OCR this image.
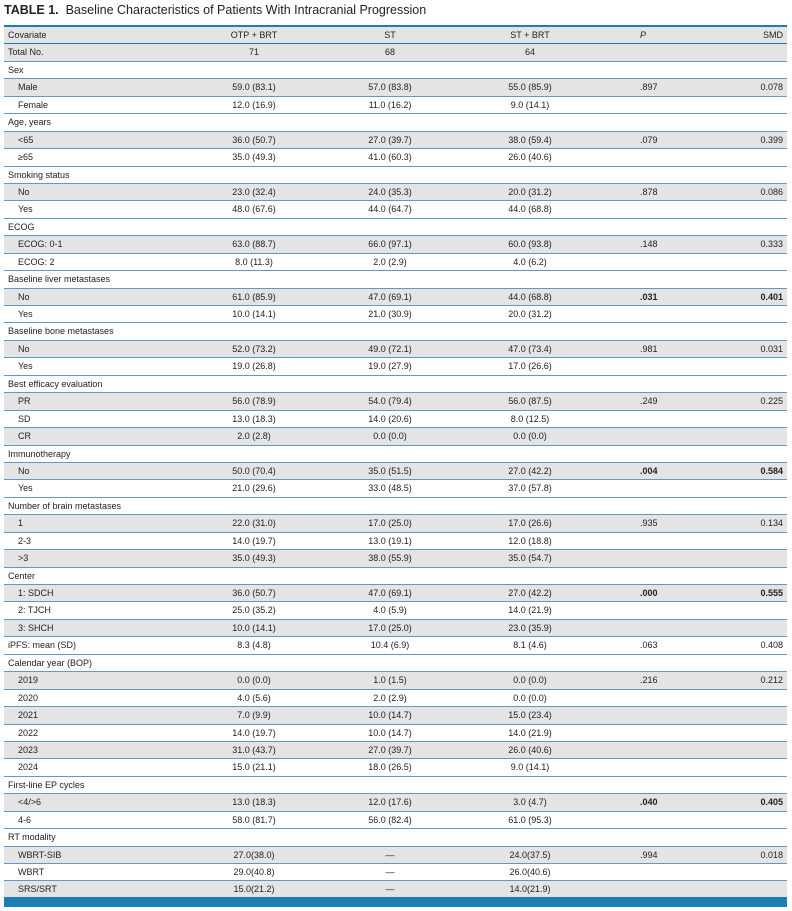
TABLE 1. Baseline Characteristics of Patients With Intracranial Progression
Covariate	OTP + BRT	ST	ST + BRT	P	SMD
Total No.	71	68	64
Sex
Male	59.0 (83.1)	57.0 (83.8)	55.0 (85.9)	.897	0.078
Female	12.0 (16.9)	11.0 (16.2)	9.0 (14.1)
Age, years
<65	36.0 (50.7)	27.0 (39.7)	38.0 (59.4)	.079	0.399
≥65	35.0 (49.3)	41.0 (60.3)	26.0 (40.6)
Smoking status
No	23.0 (32.4)	24.0 (35.3)	20.0 (31.2)	.878	0.086
Yes	48.0 (67.6)	44.0 (64.7)	44.0 (68.8)
ECOG
ECOG: 0-1	63.0 (88.7)	66.0 (97.1)	60.0 (93.8)	.148	0.333
ECOG: 2	8.0 (11.3)	2.0 (2.9)	4.0 (6.2)
Baseline liver metastases
No	61.0 (85.9)	47.0 (69.1)	44.0 (68.8)	.031	0.401
Yes	10.0 (14.1)	21.0 (30.9)	20.0 (31.2)
Baseline bone metastases
No	52.0 (73.2)	49.0 (72.1)	47.0 (73.4)	.981	0.031
Yes	19.0 (26.8)	19.0 (27.9)	17.0 (26.6)
Best efficacy evaluation
PR	56.0 (78.9)	54.0 (79.4)	56.0 (87.5)	.249	0.225
SD	13.0 (18.3)	14.0 (20.6)	8.0 (12.5)
CR	2.0 (2.8)	0.0 (0.0)	0.0 (0.0)
Immunotherapy
No	50.0 (70.4)	35.0 (51.5)	27.0 (42.2)	.004	0.584
Yes	21.0 (29.6)	33.0 (48.5)	37.0 (57.8)
Number of brain metastases
1	22.0 (31.0)	17.0 (25.0)	17.0 (26.6)	.935	0.134
2-3	14.0 (19.7)	13.0 (19.1)	12.0 (18.8)
>3	35.0 (49.3)	38.0 (55.9)	35.0 (54.7)
Center
1: SDCH	36.0 (50.7)	47.0 (69.1)	27.0 (42.2)	.000	0.555
2: TJCH	25.0 (35.2)	4.0 (5.9)	14.0 (21.9)
3: SHCH	10.0 (14.1)	17.0 (25.0)	23.0 (35.9)
iPFS: mean (SD)	8.3 (4.8)	10.4 (6.9)	8.1 (4.6)	.063	0.408
Calendar year (BOP)
2019	0.0 (0.0)	1.0 (1.5)	0.0 (0.0)	.216	0.212
2020	4.0 (5.6)	2.0 (2.9)	0.0 (0.0)
2021	7.0 (9.9)	10.0 (14.7)	15.0 (23.4)
2022	14.0 (19.7)	10.0 (14.7)	14.0 (21.9)
2023	31.0 (43.7)	27.0 (39.7)	26.0 (40.6)
2024	15.0 (21.1)	18.0 (26.5)	9.0 (14.1)
First-line EP cycles
<4/>6	13.0 (18.3)	12.0 (17.6)	3.0 (4.7)	.040	0.405
4-6	58.0 (81.7)	56.0 (82.4)	61.0 (95.3)
RT modality
WBRT-SIB	27.0(38.0)	—	24.0(37.5)	.994	0.018
WBRT	29.0(40.8)	—	26.0(40.6)
SRS/SRT	15.0(21.2)	—	14.0(21.9)
